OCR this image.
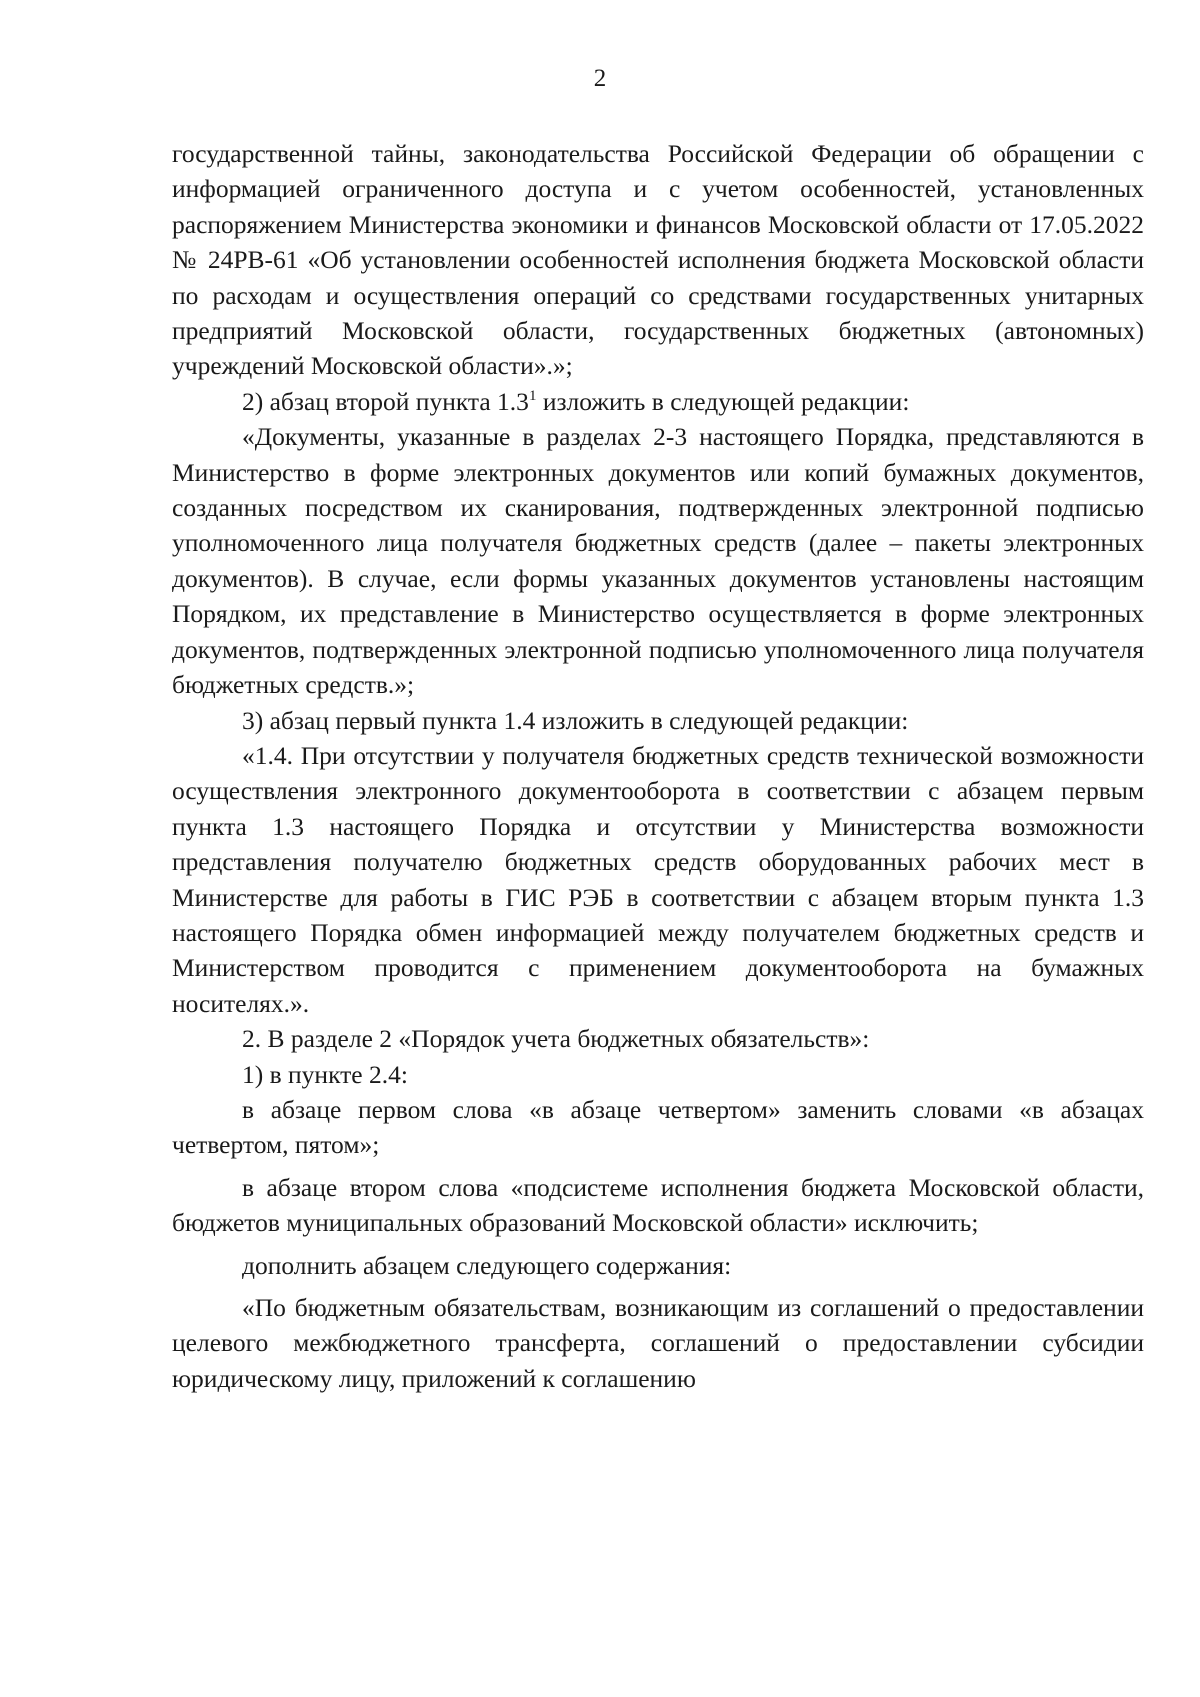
2

государственной тайны, законодательства Российской Федерации об обращении с информацией ограниченного доступа и с учетом особенностей, установленных распоряжением Министерства экономики и финансов Московской области от 17.05.2022 № 24РВ-61 «Об установлении особенностей исполнения бюджета Московской области по расходам и осуществления операций со средствами государственных унитарных предприятий Московской области, государственных бюджетных (автономных) учреждений Московской области».»;

2) абзац второй пункта $1.3^1$ изложить в следующей редакции:

«Документы, указанные в разделах 2-3 настоящего Порядка, представляются в Министерство в форме электронных документов или копий бумажных документов, созданных посредством их сканирования, подтвержденных электронной подписью уполномоченного лица получателя бюджетных средств (далее – пакеты электронных документов). В случае, если формы указанных документов установлены настоящим Порядком, их представление в Министерство осуществляется в форме электронных документов, подтвержденных электронной подписью уполномоченного лица получателя бюджетных средств.»;

3) абзац первый пункта 1.4 изложить в следующей редакции:

«1.4. При отсутствии у получателя бюджетных средств технической возможности осуществления электронного документооборота в соответствии с абзацем первым пункта 1.3 настоящего Порядка и отсутствии у Министерства возможности представления получателю бюджетных средств оборудованных рабочих мест в Министерстве для работы в ГИС РЭБ в соответствии с абзацем вторым пункта 1.3 настоящего Порядка обмен информацией между получателем бюджетных средств и Министерством проводится с применением документооборота на бумажных носителях.».

2. В разделе 2 «Порядок учета бюджетных обязательств»:

1) в пункте 2.4:

в абзаце первом слова «в абзаце четвертом» заменить словами «в абзацах четвертом, пятом»;

в абзаце втором слова «подсистеме исполнения бюджета Московской области, бюджетов муниципальных образований Московской области» исключить;

дополнить абзацем следующего содержания:

«По бюджетным обязательствам, возникающим из соглашений о предоставлении целевого межбюджетного трансферта, соглашений о предоставлении субсидии юридическому лицу, приложений к соглашению
